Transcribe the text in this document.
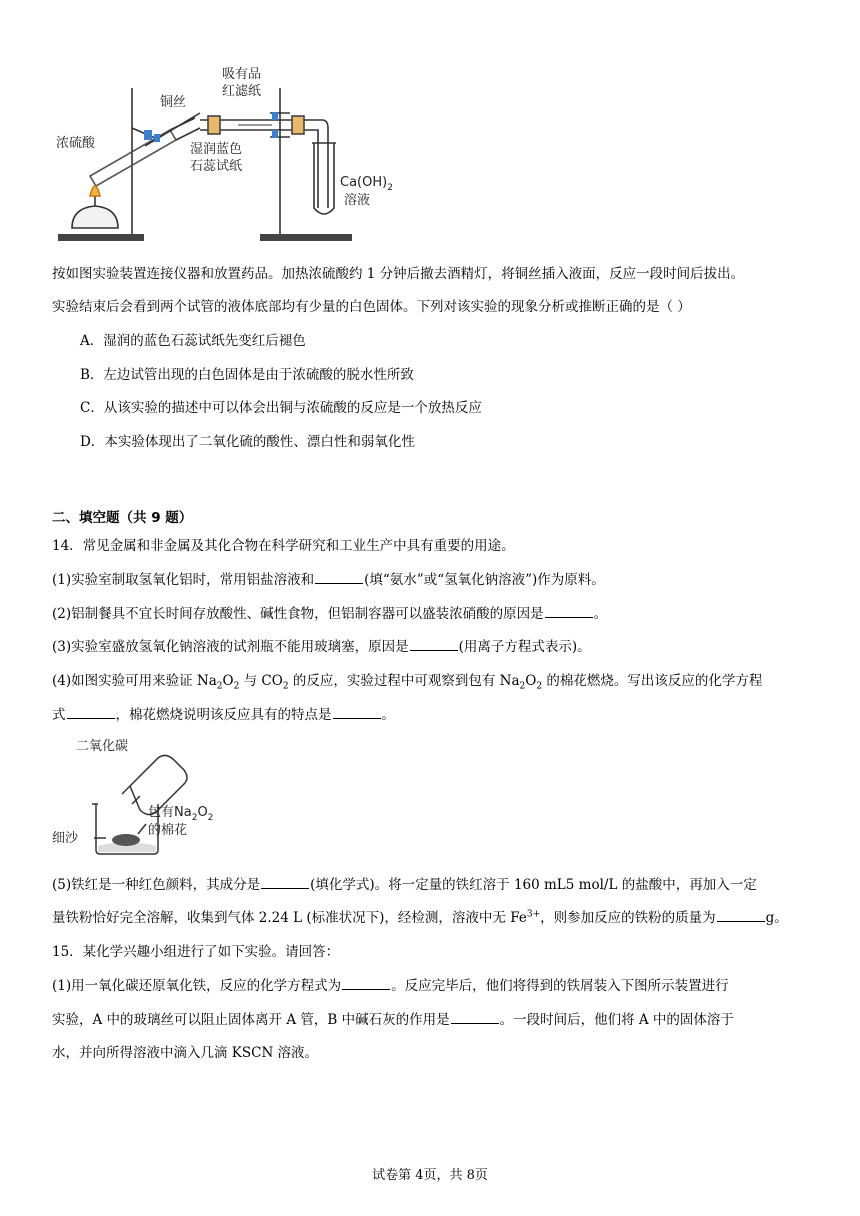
浓硫酸
铜丝
吸有品
红滤纸
湿润蓝色
石蕊试纸
$Ca(OH)_2$
溶液
按如图实验装置连接仪器和放置药品。加热浓硫酸约 1 分钟后撤去酒精灯，将铜丝插入液面，反应一段时间后拔出。
实验结束后会看到两个试管的液体底部均有少量的白色固体。下列对该实验的现象分析或推断正确的是（ ）
A．湿润的蓝色石蕊试纸先变红后褪色
B．左边试管出现的白色固体是由于浓硫酸的脱水性所致
C．从该实验的描述中可以体会出铜与浓硫酸的反应是一个放热反应
D．本实验体现出了二氧化硫的酸性、漂白性和弱氧化性
二、填空题（共 9 题）
14．常见金属和非金属及其化合物在科学研究和工业生产中具有重要的用途。
(1)实验室制取氢氧化铝时，常用铝盐溶液和	(填“氨水”或“氢氧化钠溶液”)作为原料。
(2)铝制餐具不宜长时间存放酸性、碱性食物，但铝制容器可以盛装浓硝酸的原因是	。
(3)实验室盛放氢氧化钠溶液的试剂瓶不能用玻璃塞，原因是	(用离子方程式表示)。
(4)如图实验可用来验证 $Na_2O_2$ 与 $CO_2$ 的反应，实验过程中可观察到包有 $Na_2O_2$ 的棉花燃烧。写出该反应的化学方程
式	，棉花燃烧说明该反应具有的特点是	。
二氧化碳
包有$Na_2O_2$
的棉花
细沙
(5)铁红是一种红色颜料，其成分是	(填化学式)。将一定量的铁红溶于 160 mL5 mol/L 的盐酸中，再加入一定
量铁粉恰好完全溶解，收集到气体 2.24 L (标准状况下)，经检测，溶液中无 $Fe^{3+}$，则参加反应的铁粉的质量为	g。
15．某化学兴趣小组进行了如下实验。请回答：
(1)用一氧化碳还原氧化铁，反应的化学方程式为	。反应完毕后，他们将得到的铁屑装入下图所示装置进行
实验，A 中的玻璃丝可以阻止固体离开 A 管，B 中碱石灰的作用是	。一段时间后，他们将 A 中的固体溶于
水，并向所得溶液中滴入几滴 KSCN 溶液。
试卷第 4页，共 8页
